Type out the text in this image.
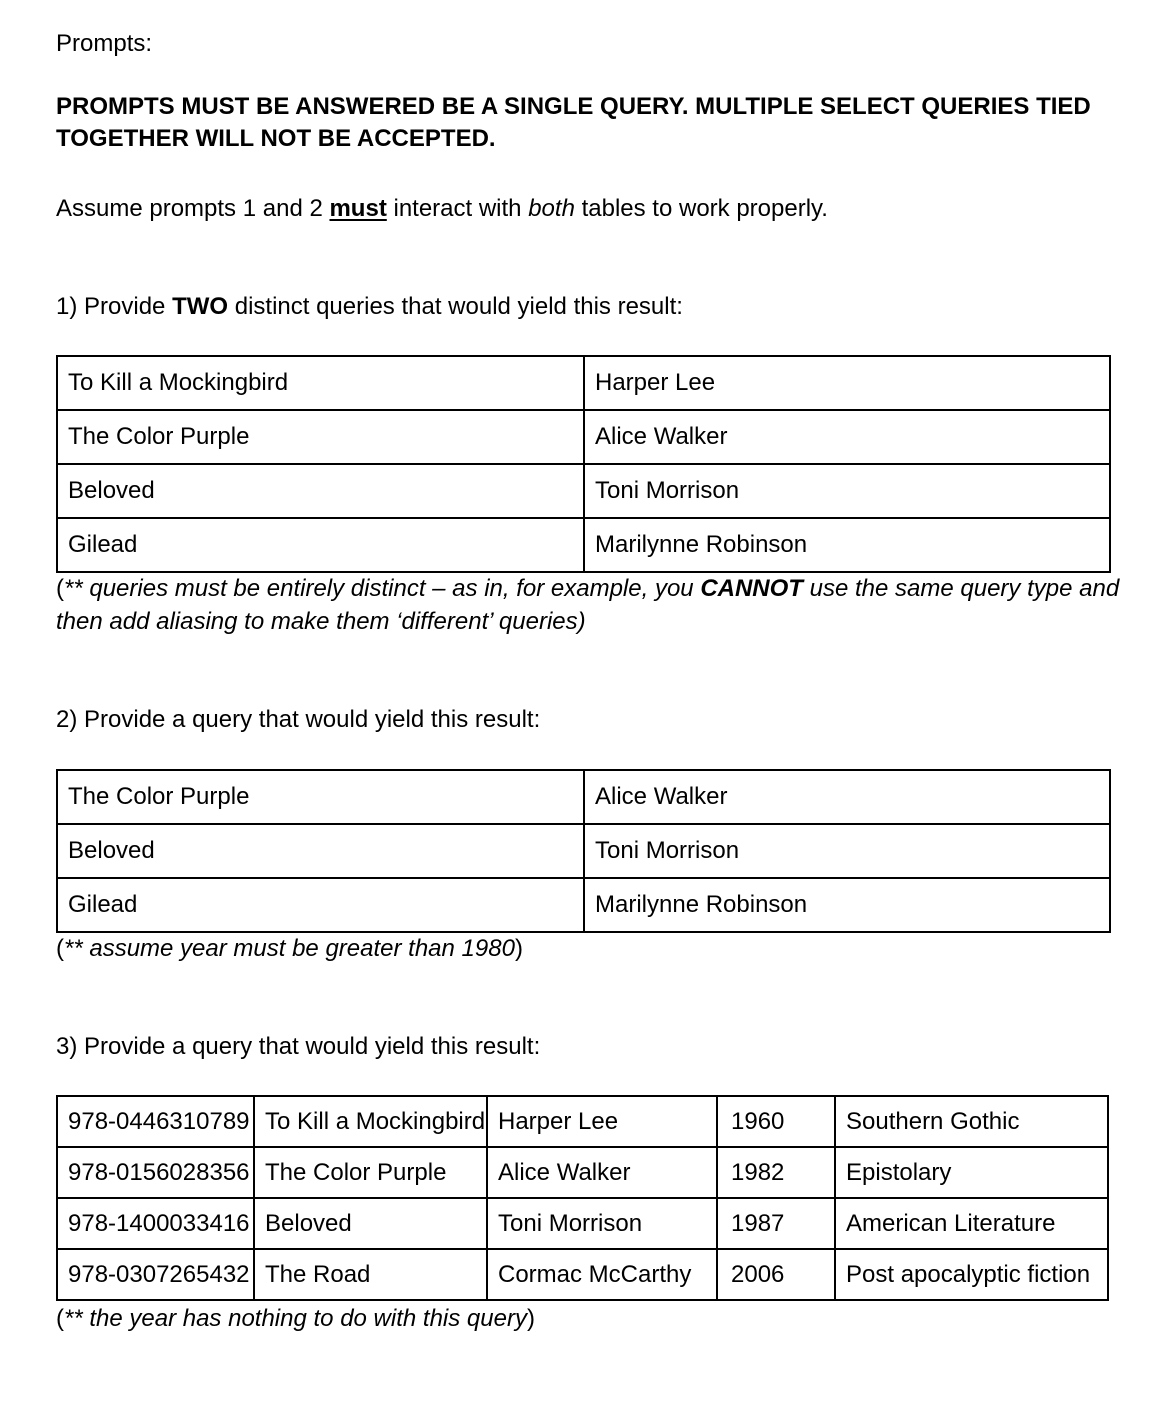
Prompts:
PROMPTS MUST BE ANSWERED BE A SINGLE QUERY. MULTIPLE SELECT QUERIES TIED TOGETHER WILL NOT BE ACCEPTED.
Assume prompts 1 and 2 must interact with both tables to work properly.
1) Provide TWO distinct queries that would yield this result:
To Kill a Mockingbird	Harper Lee
The Color Purple	Alice Walker
Beloved	Toni Morrison
Gilead	Marilynne Robinson
(** queries must be entirely distinct – as in, for example, you CANNOT use the same query type and then add aliasing to make them ‘different’ queries)
2) Provide a query that would yield this result:
The Color Purple	Alice Walker
Beloved	Toni Morrison
Gilead	Marilynne Robinson
(** assume year must be greater than 1980)
3) Provide a query that would yield this result:
978-0446310789	To Kill a Mockingbird	Harper Lee	1960	Southern Gothic
978-0156028356	The Color Purple	Alice Walker	1982	Epistolary
978-1400033416	Beloved	Toni Morrison	1987	American Literature
978-0307265432	The Road	Cormac McCarthy	2006	Post apocalyptic fiction
(** the year has nothing to do with this query)
